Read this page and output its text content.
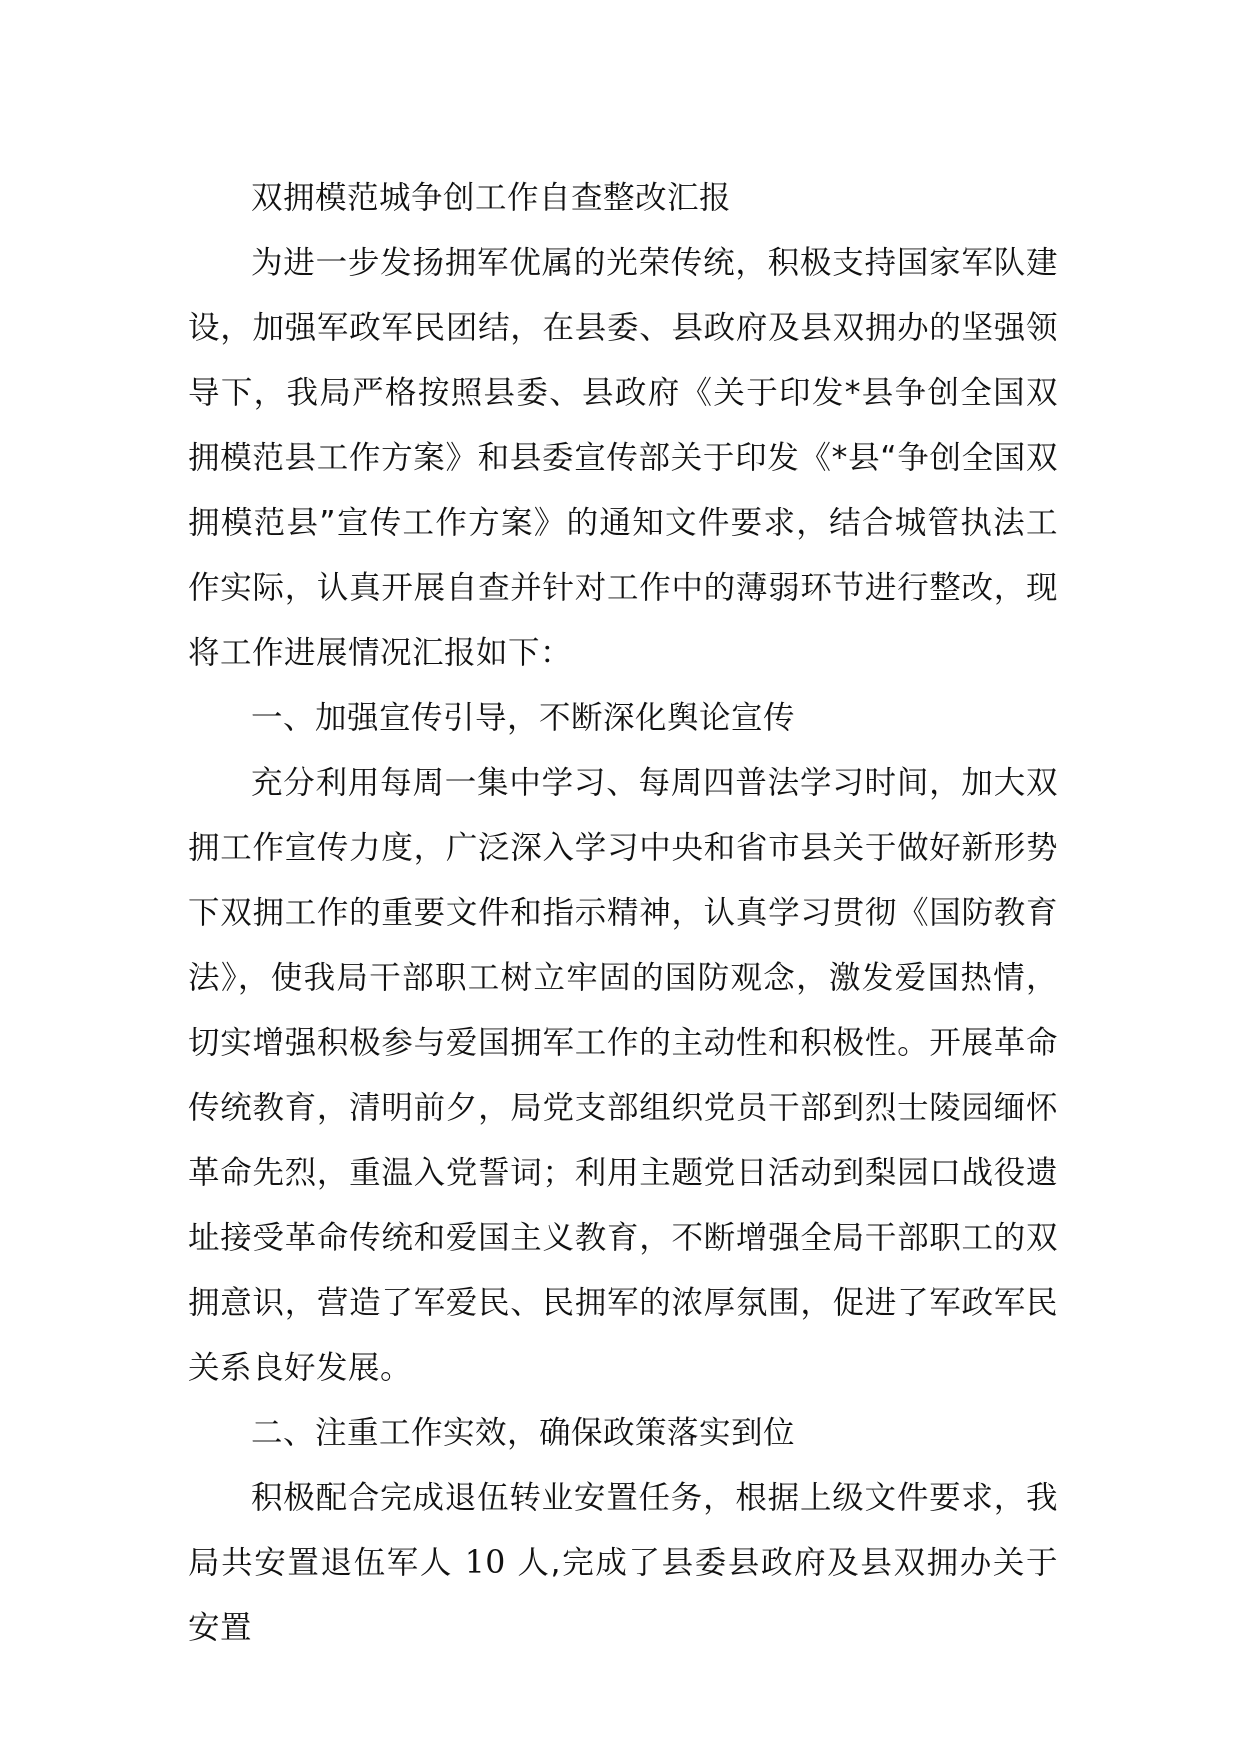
双拥模范城争创工作自查整改汇报

为进一步发扬拥军优属的光荣传统，积极支持国家军队建设，加强军政军民团结，在县委、县政府及县双拥办的坚强领导下，我局严格按照县委、县政府《关于印发*县争创全国双拥模范县工作方案》和县委宣传部关于印发《*县“争创全国双拥模范县”宣传工作方案》的通知文件要求，结合城管执法工作实际，认真开展自查并针对工作中的薄弱环节进行整改，现将工作进展情况汇报如下：

一、加强宣传引导，不断深化舆论宣传

充分利用每周一集中学习、每周四普法学习时间，加大双拥工作宣传力度，广泛深入学习中央和省市县关于做好新形势下双拥工作的重要文件和指示精神，认真学习贯彻《国防教育法》，使我局干部职工树立牢固的国防观念，激发爱国热情，切实增强积极参与爱国拥军工作的主动性和积极性。开展革命传统教育，清明前夕，局党支部组织党员干部到烈士陵园缅怀革命先烈，重温入党誓词；利用主题党日活动到梨园口战役遗址接受革命传统和爱国主义教育，不断增强全局干部职工的双拥意识，营造了军爱民、民拥军的浓厚氛围，促进了军政军民关系良好发展。

二、注重工作实效，确保政策落实到位

积极配合完成退伍转业安置任务，根据上级文件要求，我局共安置退伍军人 10 人,完成了县委县政府及县双拥办关于安置
